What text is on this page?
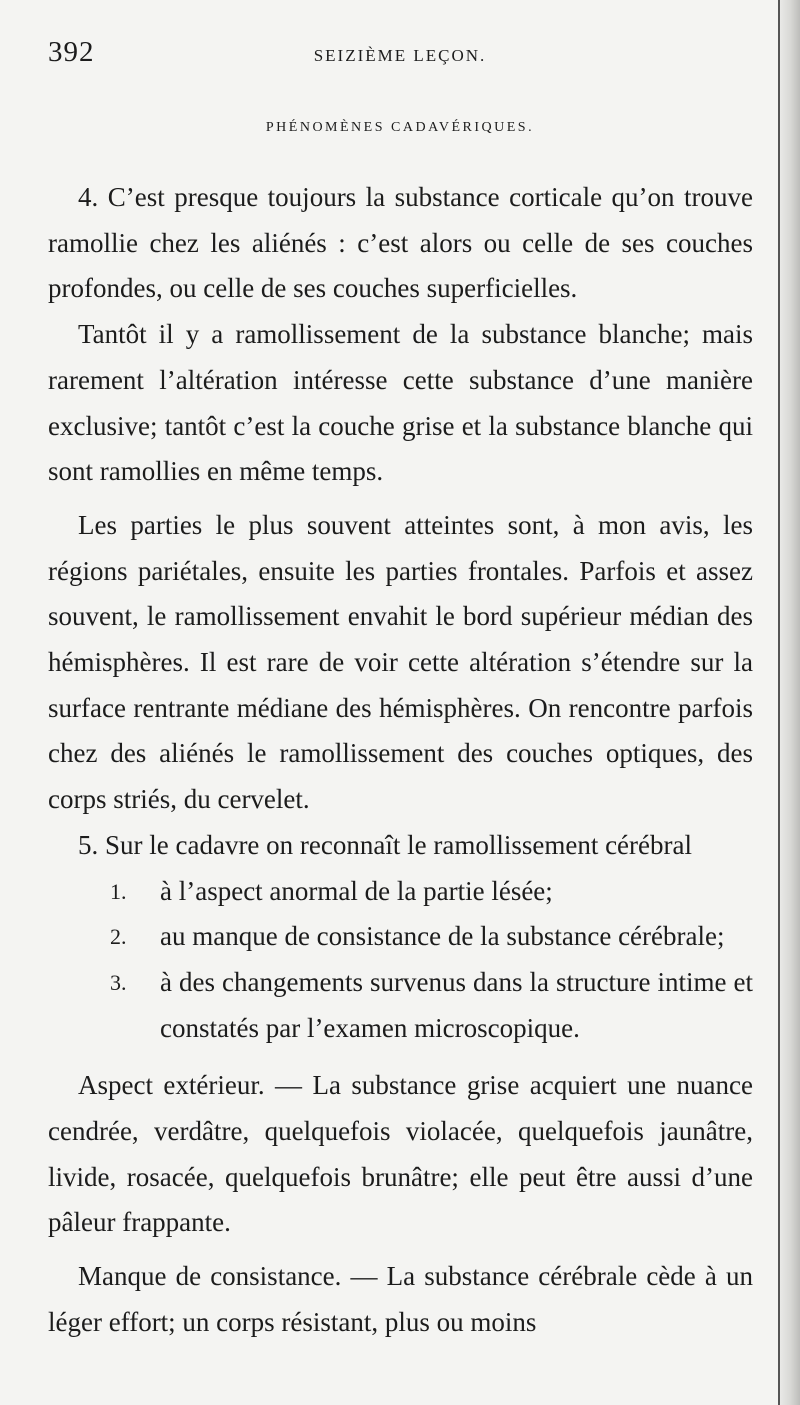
392	SEIZIÈME LEÇON.
PHÉNOMÈNES CADAVÉRIQUES.

4. C’est presque toujours la substance corticale qu’on trouve ramollie chez les aliénés : c’est alors ou celle de ses couches profondes, ou celle de ses couches superficielles.

Tantôt il y a ramollissement de la substance blanche; mais rarement l’altération intéresse cette substance d’une manière exclusive; tantôt c’est la couche grise et la substance blanche qui sont ramollies en même temps.

Les parties le plus souvent atteintes sont, à mon avis, les régions pariétales, ensuite les parties frontales. Parfois et assez souvent, le ramollissement envahit le bord supérieur médian des hémisphères. Il est rare de voir cette altération s’étendre sur la surface rentrante médiane des hémisphères. On rencontre parfois chez des aliénés le ramollissement des couches optiques, des corps striés, du cervelet.

5. Sur le cadavre on reconnaît le ramollissement cérébral

1. à l’aspect anormal de la partie lésée;
2. au manque de consistance de la substance cérébrale;
3. à des changements survenus dans la structure intime et constatés par l’examen microscopique.

Aspect extérieur. — La substance grise acquiert une nuance cendrée, verdâtre, quelquefois violacée, quelquefois jaunâtre, livide, rosacée, quelquefois brunâtre; elle peut être aussi d’une pâleur frappante.

Manque de consistance. — La substance cérébrale cède à un léger effort; un corps résistant, plus ou moins
